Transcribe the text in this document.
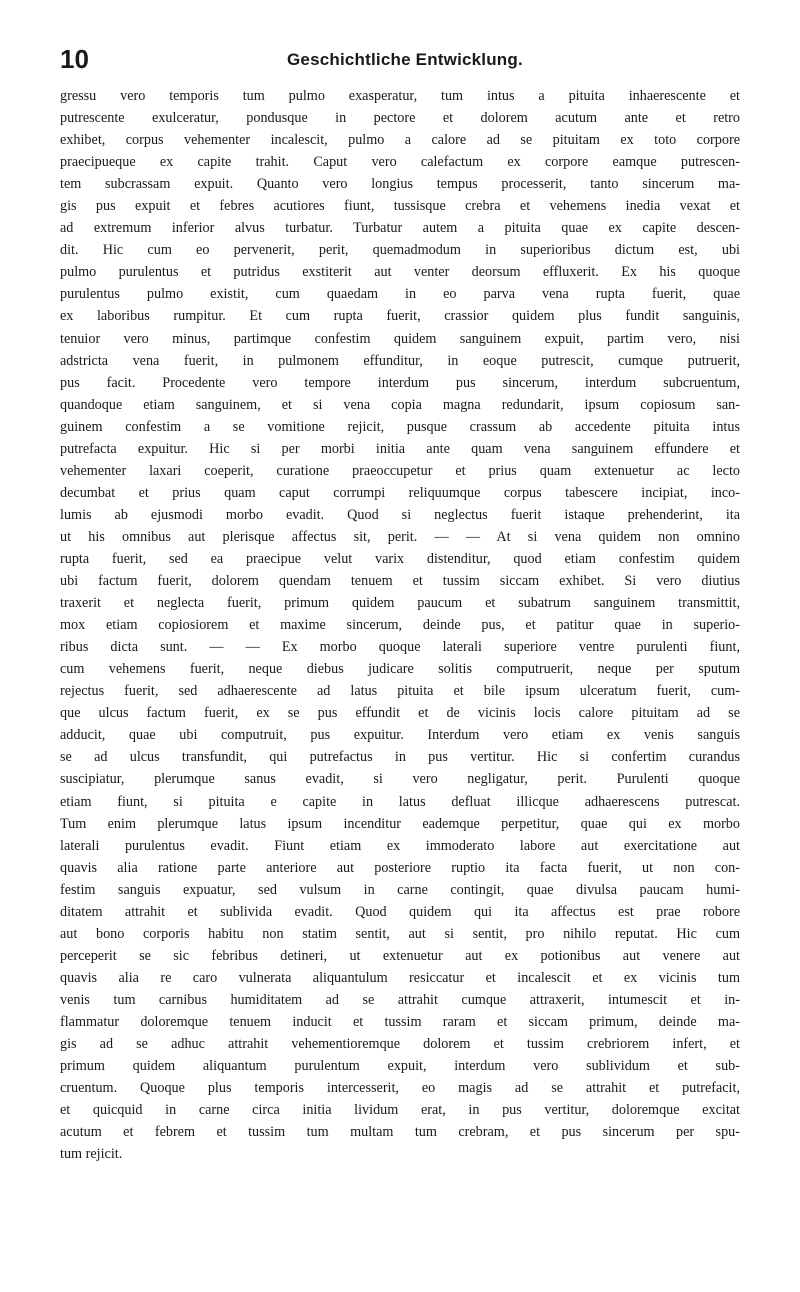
10	Geschichtliche Entwicklung.
gressu vero temporis tum pulmo exasperatur, tum intus a pituita inhaerescente et
putrescente exulceratur, pondusque in pectore et dolorem acutum ante et retro
exhibet, corpus vehementer incalescit, pulmo a calore ad se pituitam ex toto corpore
praecipueque ex capite trahit. Caput vero calefactum ex corpore eamque putrescen-
tem subcrassam expuit. Quanto vero longius tempus processerit, tanto sincerum ma-
gis pus expuit et febres acutiores fiunt, tussisque crebra et vehemens inedia vexat et
ad extremum inferior alvus turbatur. Turbatur autem a pituita quae ex capite descen-
dit. Hic cum eo pervenerit, perit, quemadmodum in superioribus dictum est, ubi
pulmo purulentus et putridus exstiterit aut venter deorsum effluxerit. Ex his quoque
purulentus pulmo existit, cum quaedam in eo parva vena rupta fuerit, quae
ex laboribus rumpitur. Et cum rupta fuerit, crassior quidem plus fundit sanguinis,
tenuior vero minus, partimque confestim quidem sanguinem expuit, partim vero, nisi
adstricta vena fuerit, in pulmonem effunditur, in eoque putrescit, cumque putruerit,
pus facit. Procedente vero tempore interdum pus sincerum, interdum subcruentum,
quandoque etiam sanguinem, et si vena copia magna redundarit, ipsum copiosum san-
guinem confestim a se vomitione rejicit, pusque crassum ab accedente pituita intus
putrefacta expuitur. Hic si per morbi initia ante quam vena sanguinem effundere et
vehementer laxari coeperit, curatione praeoccupetur et prius quam extenuetur ac lecto
decumbat et prius quam caput corrumpi reliquumque corpus tabescere incipiat, inco-
lumis ab ejusmodi morbo evadit. Quod si neglectus fuerit istaque prehenderint, ita
ut his omnibus aut plerisque affectus sit, perit. — — At si vena quidem non omnino
rupta fuerit, sed ea praecipue velut varix distenditur, quod etiam confestim quidem
ubi factum fuerit, dolorem quendam tenuem et tussim siccam exhibet. Si vero diutius
traxerit et neglecta fuerit, primum quidem paucum et subatrum sanguinem transmittit,
mox etiam copiosiorem et maxime sincerum, deinde pus, et patitur quae in superio-
ribus dicta sunt. — — Ex morbo quoque laterali superiore ventre purulenti fiunt,
cum vehemens fuerit, neque diebus judicare solitis computruerit, neque per sputum
rejectus fuerit, sed adhaerescente ad latus pituita et bile ipsum ulceratum fuerit, cum-
que ulcus factum fuerit, ex se pus effundit et de vicinis locis calore pituitam ad se
adducit, quae ubi computruit, pus expuitur. Interdum vero etiam ex venis sanguis
se ad ulcus transfundit, qui putrefactus in pus vertitur. Hic si confertim curandus
suscipiatur, plerumque sanus evadit, si vero negligatur, perit. Purulenti quoque
etiam fiunt, si pituita e capite in latus defluat illicque adhaerescens putrescat.
Tum enim plerumque latus ipsum incenditur eademque perpetitur, quae qui ex morbo
laterali purulentus evadit. Fiunt etiam ex immoderato labore aut exercitatione aut
quavis alia ratione parte anteriore aut posteriore ruptio ita facta fuerit, ut non con-
festim sanguis expuatur, sed vulsum in carne contingit, quae divulsa paucam humi-
ditatem attrahit et sublivida evadit. Quod quidem qui ita affectus est prae robore
aut bono corporis habitu non statim sentit, aut si sentit, pro nihilo reputat. Hic cum
perceperit se sic febribus detineri, ut extenuetur aut ex potionibus aut venere aut
quavis alia re caro vulnerata aliquantulum resiccatur et incalescit et ex vicinis tum
venis tum carnibus humiditatem ad se attrahit cumque attraxerit, intumescit et in-
flammatur doloremque tenuem inducit et tussim raram et siccam primum, deinde ma-
gis ad se adhuc attrahit vehementioremque dolorem et tussim crebriorem infert, et
primum quidem aliquantum purulentum expuit, interdum vero sublividum et sub-
cruentum. Quoque plus temporis intercesserit, eo magis ad se attrahit et putrefacit,
et quicquid in carne circa initia lividum erat, in pus vertitur, doloremque excitat
acutum et febrem et tussim tum multam tum crebram, et pus sincerum per spu-
tum rejicit.
